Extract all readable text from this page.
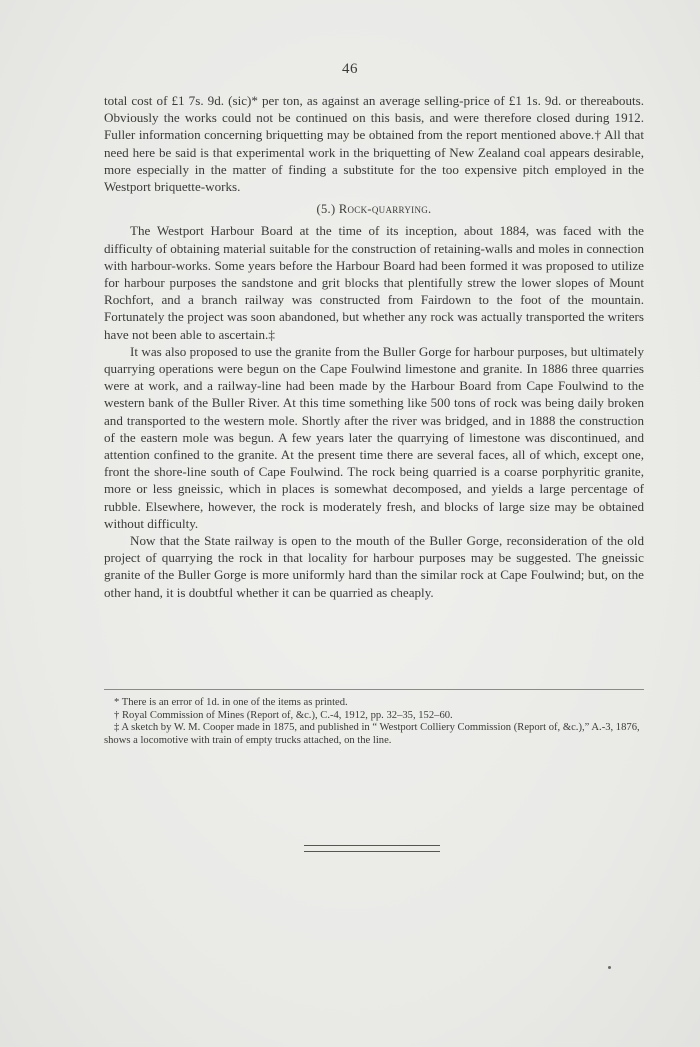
46

total cost of £1 7s. 9d. (sic)* per ton, as against an average selling-price of £1 1s. 9d. or thereabouts. Obviously the works could not be continued on this basis, and were therefore closed during 1912. Fuller information concerning briquetting may be obtained from the report mentioned above.† All that need here be said is that experimental work in the briquetting of New Zealand coal appears desirable, more especially in the matter of finding a substitute for the too expensive pitch employed in the Westport briquette-works.

(5.) Rock-quarrying.

The Westport Harbour Board at the time of its inception, about 1884, was faced with the difficulty of obtaining material suitable for the construction of retaining-walls and moles in connection with harbour-works. Some years before the Harbour Board had been formed it was proposed to utilize for harbour purposes the sandstone and grit blocks that plentifully strew the lower slopes of Mount Rochfort, and a branch railway was constructed from Fairdown to the foot of the mountain. Fortunately the project was soon abandoned, but whether any rock was actually transported the writers have not been able to ascertain.‡

It was also proposed to use the granite from the Buller Gorge for harbour purposes, but ultimately quarrying operations were begun on the Cape Foulwind limestone and granite. In 1886 three quarries were at work, and a railway-line had been made by the Harbour Board from Cape Foulwind to the western bank of the Buller River. At this time something like 500 tons of rock was being daily broken and transported to the western mole. Shortly after the river was bridged, and in 1888 the construction of the eastern mole was begun. A few years later the quarrying of limestone was discontinued, and attention confined to the granite. At the present time there are several faces, all of which, except one, front the shore-line south of Cape Foulwind. The rock being quarried is a coarse porphyritic granite, more or less gneissic, which in places is somewhat decomposed, and yields a large percentage of rubble. Elsewhere, however, the rock is moderately fresh, and blocks of large size may be obtained without difficulty.

Now that the State railway is open to the mouth of the Buller Gorge, reconsideration of the old project of quarrying the rock in that locality for harbour purposes may be suggested. The gneissic granite of the Buller Gorge is more uniformly hard than the similar rock at Cape Foulwind; but, on the other hand, it is doubtful whether it can be quarried as cheaply.

* There is an error of 1d. in one of the items as printed.

† Royal Commission of Mines (Report of, &c.), C.-4, 1912, pp. 32–35, 152–60.

‡ A sketch by W. M. Cooper made in 1875, and published in “ Westport Colliery Commission (Report of, &c.),” A.-3, 1876, shows a locomotive with train of empty trucks attached, on the line.
